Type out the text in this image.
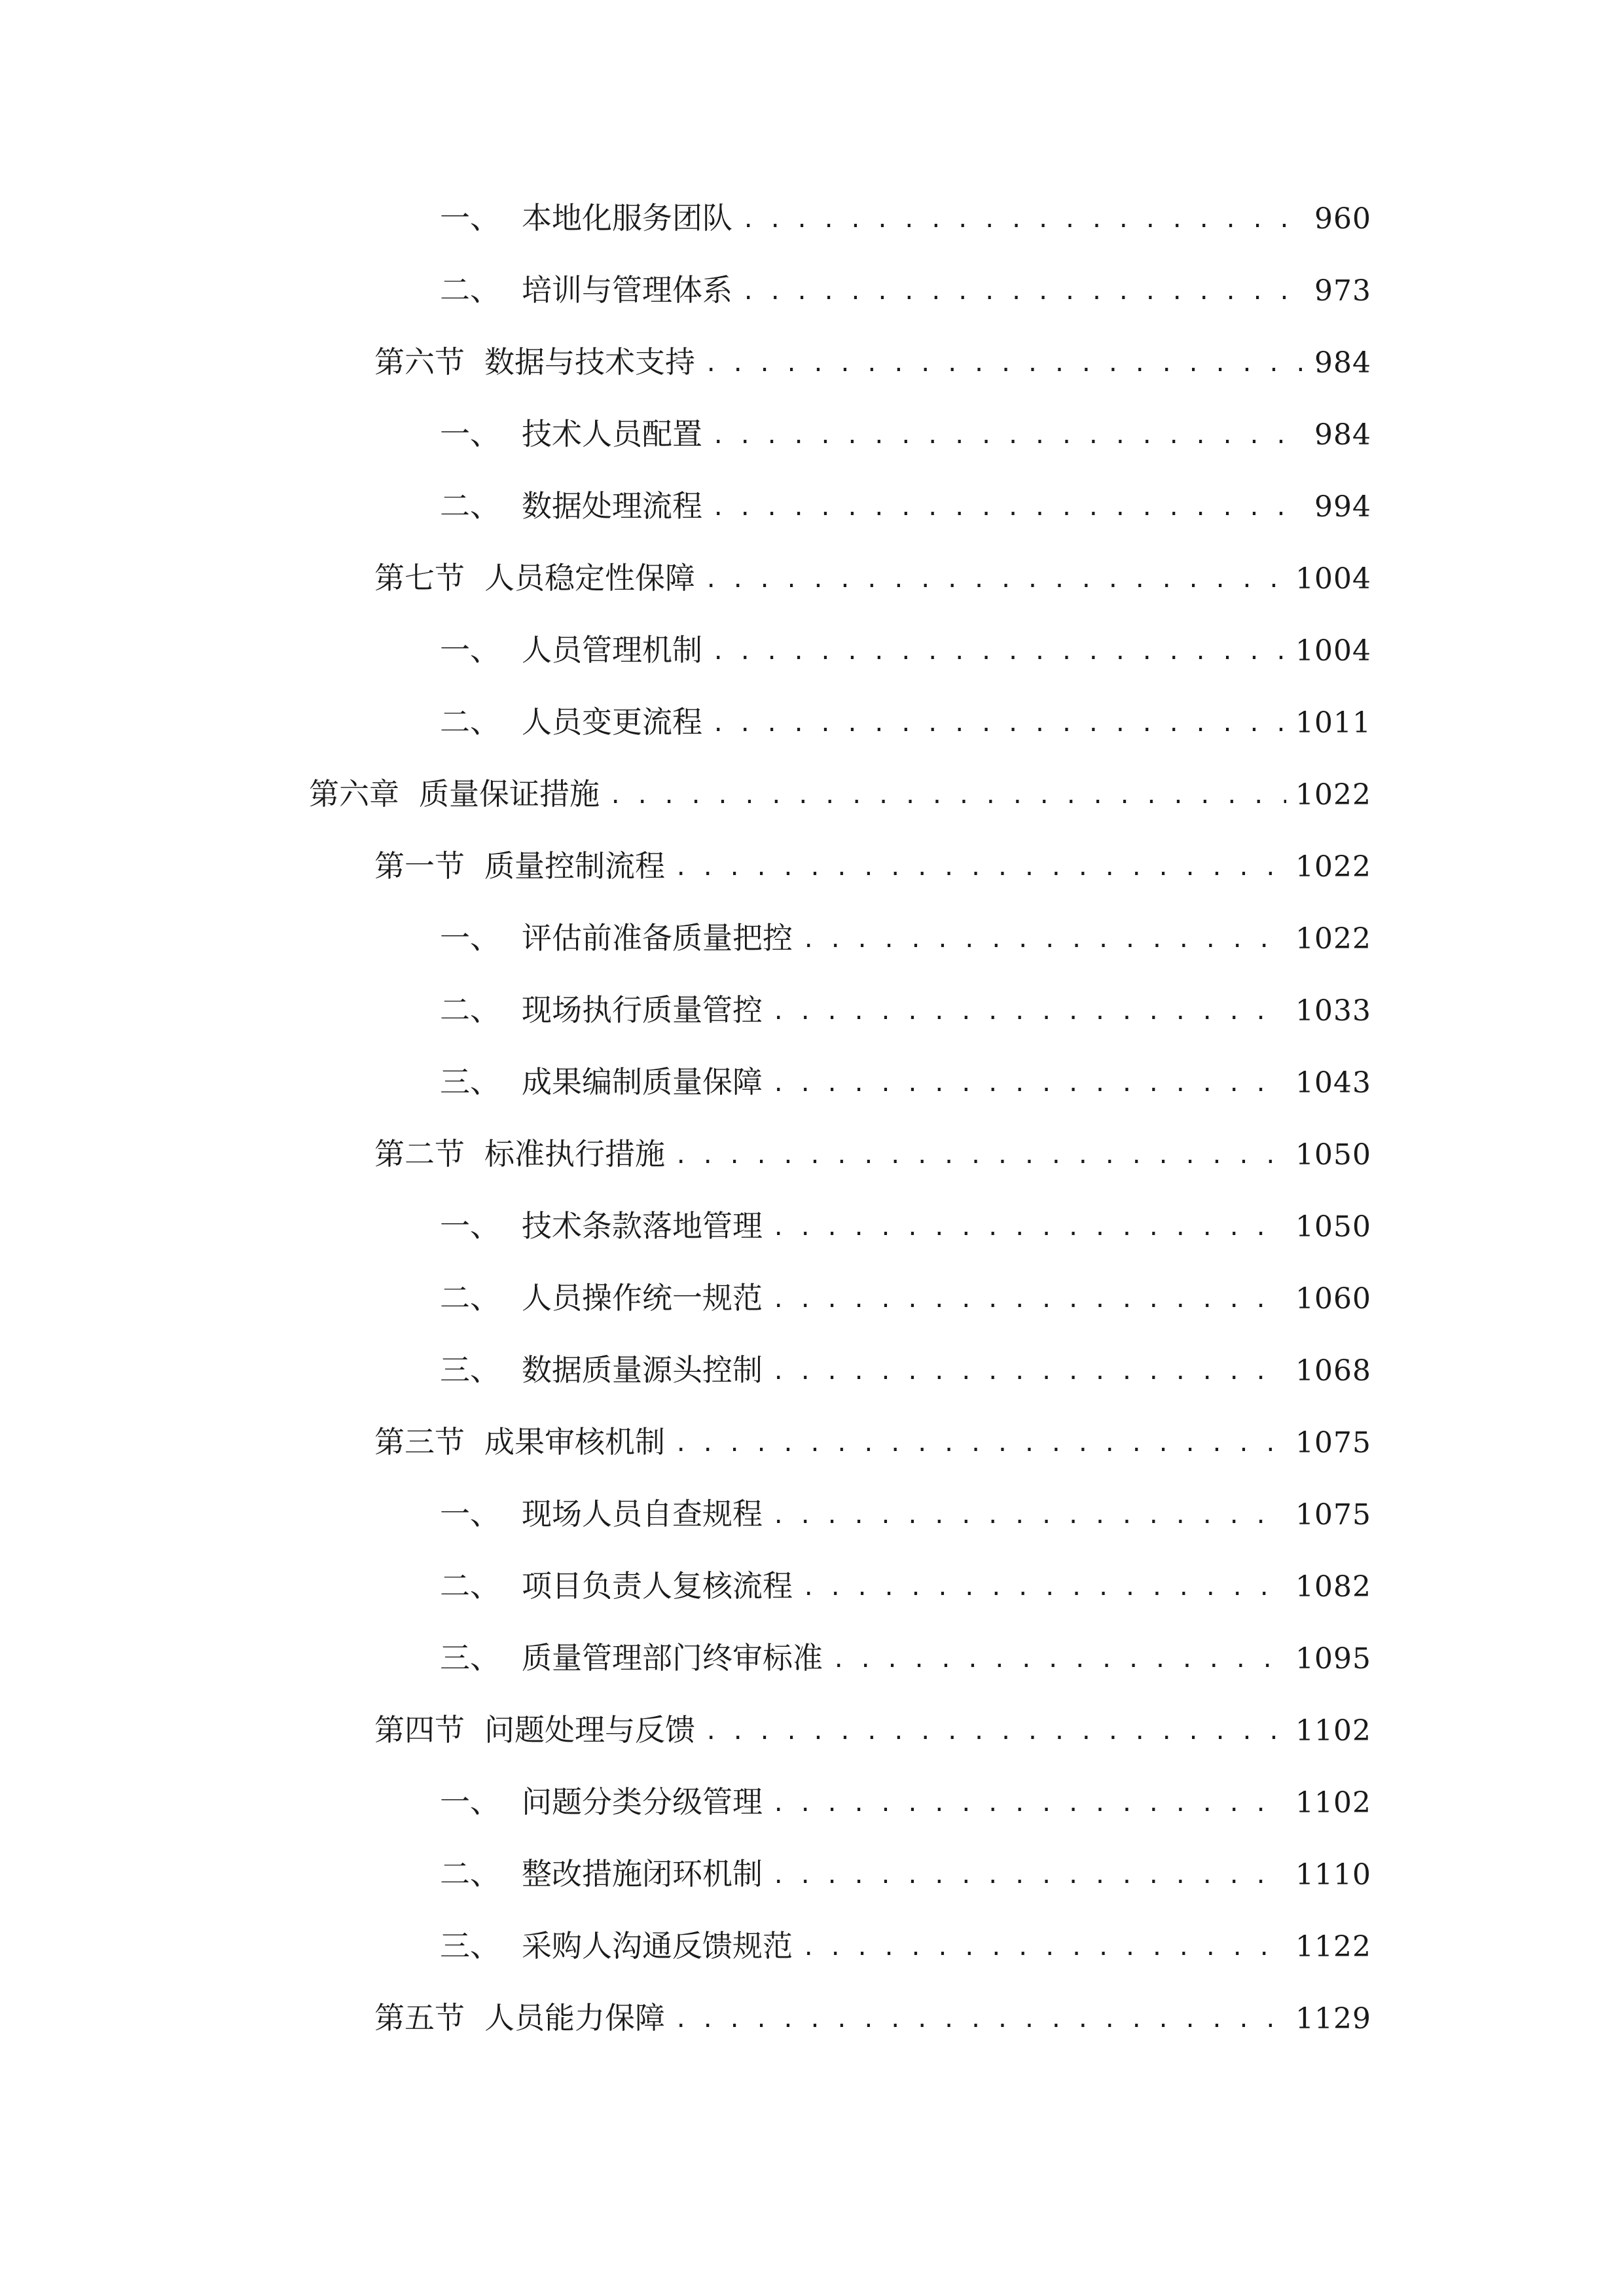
一、 本地化服务团队 . . .	960
二、 培训与管理体系 . . .	973
第六节 数据与技术支持 . . .	984
一、 技术人员配置 . . .	984
二、 数据处理流程 . . .	994
第七节 人员稳定性保障 . . .	1004
一、 人员管理机制 . . .	1004
二、 人员变更流程 . . .	1011
第六章 质量保证措施 . . .	1022
第一节 质量控制流程 . . .	1022
一、 评估前准备质量把控 . . .	1022
二、 现场执行质量管控 . . .	1033
三、 成果编制质量保障 . . .	1043
第二节 标准执行措施 . . .	1050
一、 技术条款落地管理 . . .	1050
二、 人员操作统一规范 . . .	1060
三、 数据质量源头控制 . . .	1068
第三节 成果审核机制 . . .	1075
一、 现场人员自查规程 . . .	1075
二、 项目负责人复核流程 . . .	1082
三、 质量管理部门终审标准 . . .	1095
第四节 问题处理与反馈 . . .	1102
一、 问题分类分级管理 . . .	1102
二、 整改措施闭环机制 . . .	1110
三、 采购人沟通反馈规范 . . .	1122
第五节 人员能力保障 . . .	1129
